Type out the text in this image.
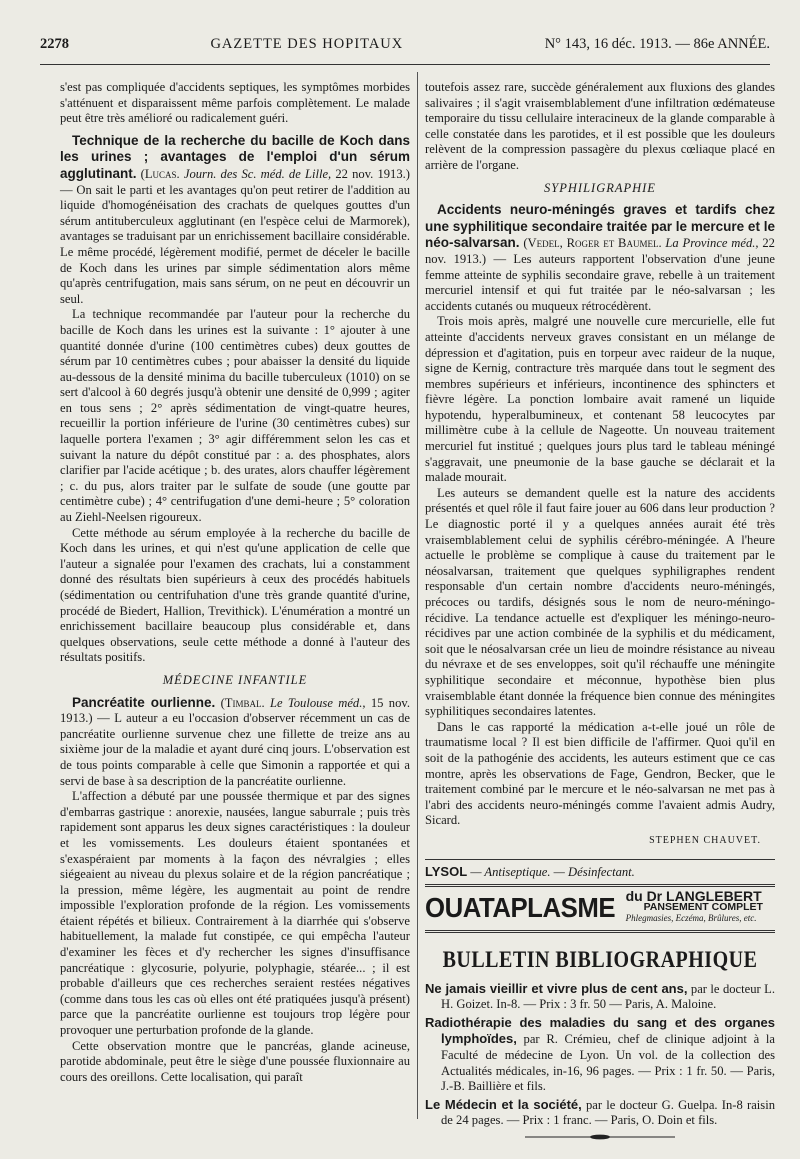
2278	GAZETTE DES HOPITAUX	N° 143, 16 déc. 1913. — 86e ANNÉE.

s'est pas compliquée d'accidents septiques, les symptômes morbides s'atténuent et disparaissent même parfois complètement. Le malade peut être très amélioré ou radicalement guéri.

Technique de la recherche du bacille de Koch dans les urines ; avantages de l'emploi d'un sérum agglutinant. (Lucas. Journ. des Sc. méd. de Lille, 22 nov. 1913.) — On sait le parti et les avantages qu'on peut retirer de l'addition au liquide d'homogénéisation des crachats de quelques gouttes d'un sérum antituberculeux agglutinant (en l'espèce celui de Marmorek), avantages se traduisant par un enrichissement bacillaire considérable. Le même procédé, légèrement modifié, permet de déceler le bacille de Koch dans les urines par simple sédimentation alors même qu'après centrifugation, mais sans sérum, on ne peut en découvrir un seul.

La technique recommandée par l'auteur pour la recherche du bacille de Koch dans les urines est la suivante : 1° ajouter à une quantité donnée d'urine (100 centimètres cubes) deux gouttes de sérum par 10 centimètres cubes ; pour abaisser la densité du liquide au-dessous de la densité minima du bacille tuberculeux (1010) on se sert d'alcool à 60 degrés jusqu'à obtenir une densité de 0,999 ; agiter en tous sens ; 2° après sédimentation de vingt-quatre heures, recueillir la portion inférieure de l'urine (30 centimètres cubes) sur laquelle portera l'examen ; 3° agir différemment selon les cas et suivant la nature du dépôt constitué par : a. des phosphates, alors clarifier par l'acide acétique ; b. des urates, alors chauffer légèrement ; c. du pus, alors traiter par le sulfate de soude (une goutte par centimètre cube) ; 4° centrifugation d'une demi-heure ; 5° coloration au Ziehl-Neelsen rigoureux.

Cette méthode au sérum employée à la recherche du bacille de Koch dans les urines, et qui n'est qu'une application de celle que l'auteur a signalée pour l'examen des crachats, lui a constamment donné des résultats bien supérieurs à ceux des procédés habituels (sédimentation ou centrifuhation d'une très grande quantité d'urine, procédé de Biedert, Hallion, Trevithick). L'énumération a montré un enrichissement bacillaire beaucoup plus considérable et, dans quelques observations, seule cette méthode a donné à l'auteur des résultats positifs.

MÉDECINE INFANTILE

Pancréatite ourlienne. (Timbal. Le Toulouse méd., 15 nov. 1913.) — L auteur a eu l'occasion d'observer récemment un cas de pancréatite ourlienne survenue chez une fillette de treize ans au sixième jour de la maladie et ayant duré cinq jours. L'observation est de tous points comparable à celle que Simonin a rapportée et qui a servi de base à sa description de la pancréatite ourlienne.

L'affection a débuté par une poussée thermique et par des signes d'embarras gastrique : anorexie, nausées, langue saburrale ; puis très rapidement sont apparus les deux signes caractéristiques : la douleur et les vomissements. Les douleurs étaient spontanées et s'exaspéraient par moments à la façon des névralgies ; elles siégeaient au niveau du plexus solaire et de la région pancréatique ; la pression, même légère, les augmentait au point de rendre impossible l'exploration profonde de la région. Les vomissements étaient répétés et bilieux. Contrairement à la diarrhée qui s'observe habituellement, la malade fut constipée, ce qui empêcha l'auteur d'examiner les fèces et d'y rechercher les signes d'insuffisance pancréatique : glycosurie, polyurie, polyphagie, stéarée... ; il est probable d'ailleurs que ces recherches seraient restées négatives (comme dans tous les cas où elles ont été pratiquées jusqu'à présent) parce que la pancréatite ourlienne est toujours trop légère pour provoquer une perturbation profonde de la glande.

Cette observation montre que le pancréas, glande acineuse, parotide abdominale, peut être le siège d'une poussée fluxionnaire au cours des oreillons. Cette localisation, qui paraît

toutefois assez rare, succède généralement aux fluxions des glandes salivaires ; il s'agit vraisemblablement d'une infiltration œdémateuse temporaire du tissu cellulaire interacineux de la glande comparable à celle constatée dans les parotides, et il est possible que les douleurs relèvent de la compression passagère du plexus cœliaque placé en arrière de l'organe.

SYPHILIGRAPHIE

Accidents neuro-méningés graves et tardifs chez une syphilitique secondaire traitée par le mercure et le néo-salvarsan. (Vedel, Roger et Baumel. La Province méd., 22 nov. 1913.) — Les auteurs rapportent l'observation d'une jeune femme atteinte de syphilis secondaire grave, rebelle à un traitement mercuriel intensif et qui fut traitée par le néo-salvarsan ; les accidents cutanés ou muqueux rétrocédèrent.

Trois mois après, malgré une nouvelle cure mercurielle, elle fut atteinte d'accidents nerveux graves consistant en un mélange de dépression et d'agitation, puis en torpeur avec raideur de la nuque, signe de Kernig, contracture très marquée dans tout le segment des membres supérieurs et inférieurs, incontinence des sphincters et fièvre légère. La ponction lombaire avait ramené un liquide hypotendu, hyperalbumineux, et contenant 58 leucocytes par millimètre cube à la cellule de Nageotte. Un nouveau traitement mercuriel fut institué ; quelques jours plus tard le tableau méningé s'aggravait, une pneumonie de la base gauche se déclarait et la malade mourait.

Les auteurs se demandent quelle est la nature des accidents présentés et quel rôle il faut faire jouer au 606 dans leur production ? Le diagnostic porté il y a quelques années aurait été très vraisemblablement celui de syphilis cérébro-méningée. A l'heure actuelle le problème se complique à cause du traitement par le néosalvarsan, traitement que quelques syphiligraphes rendent responsable d'un certain nombre d'accidents neuro-méningés, précoces ou tardifs, désignés sous le nom de neuro-méningo-récidive. La tendance actuelle est d'expliquer les méningo-neuro-récidives par une action combinée de la syphilis et du médicament, soit que le néosalvarsan crée un lieu de moindre résistance au niveau du névraxe et de ses enveloppes, soit qu'il réchauffe une méningite syphilitique secondaire et méconnue, hypothèse bien plus vraisemblable étant donnée la fréquence bien connue des méningites syphilitiques secondaires latentes.

Dans le cas rapporté la médication a-t-elle joué un rôle de traumatisme local ? Il est bien difficile de l'affirmer. Quoi qu'il en soit de la pathogénie des accidents, les auteurs estiment que ce cas montre, après les observations de Fage, Gendron, Becker, que le traitement combiné par le mercure et le néo-salvarsan ne met pas à l'abri des accidents neuro-méningés comme l'avaient admis Audry, Sicard.

STEPHEN CHAUVET.
LYSOL — Antiseptique. — Désinfectant.
OUATAPLASME du Dr LANGLEBERT
PANSEMENT COMPLET
Phlegmasies, Eczéma, Brûlures, etc.
BULLETIN BIBLIOGRAPHIQUE
Ne jamais vieillir et vivre plus de cent ans, par le docteur L. H. Goizet. In-8. — Prix : 3 fr. 50 — Paris, A. Maloine.
Radiothérapie des maladies du sang et des organes lymphoïdes, par R. Crémieu, chef de clinique adjoint à la Faculté de médecine de Lyon. Un vol. de la collection des Actualités médicales, in-16, 96 pages. — Prix : 1 fr. 50. — Paris, J.-B. Baillière et fils.
Le Médecin et la société, par le docteur G. Guelpa. In-8 raisin de 24 pages. — Prix : 1 franc. — Paris, O. Doin et fils.
